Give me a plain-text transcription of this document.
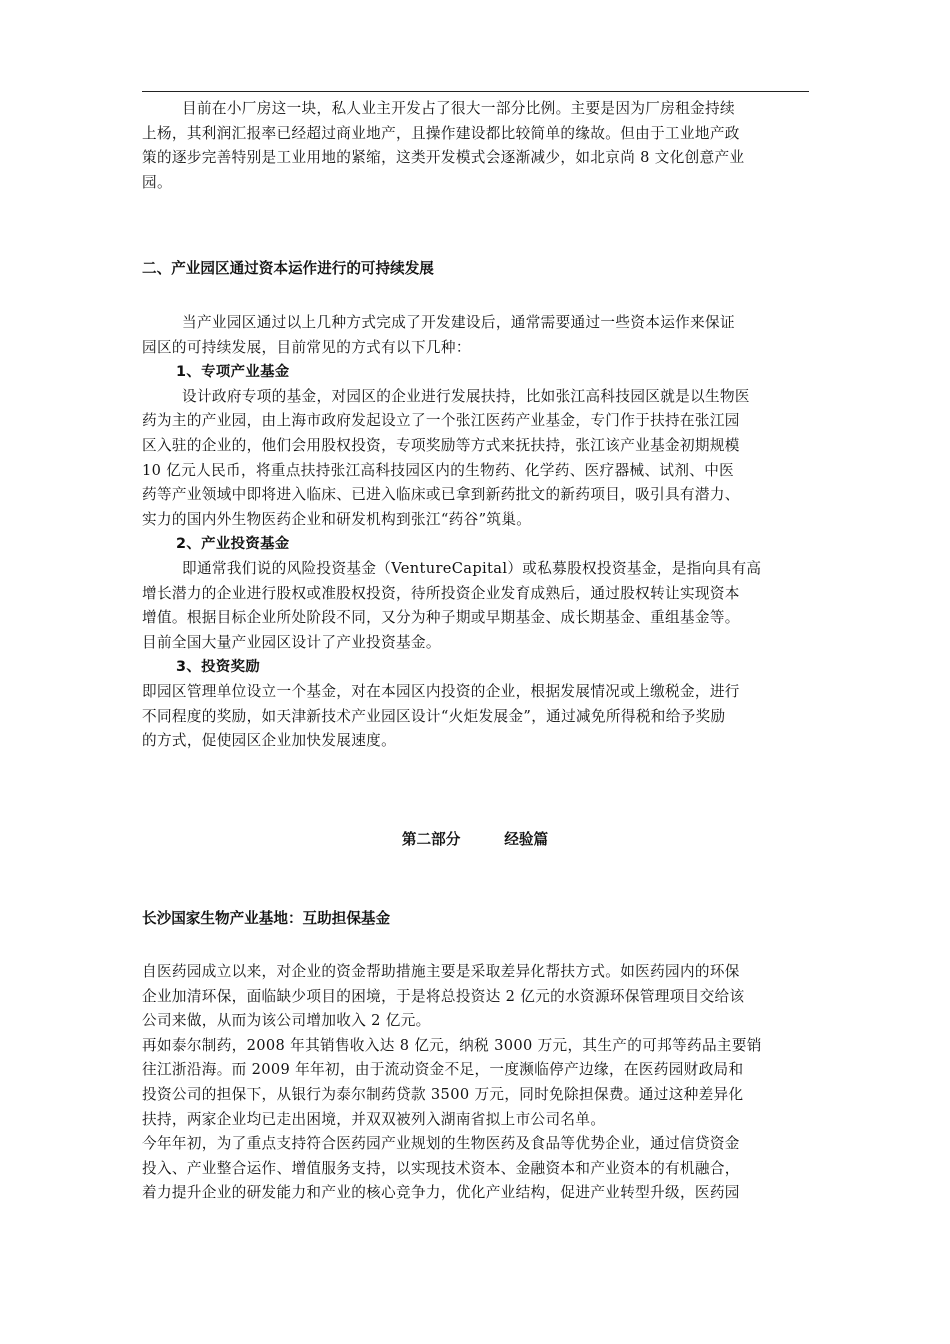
目前在小厂房这一块，私人业主开发占了很大一部分比例。主要是因为厂房租金持续
上杨，其利润汇报率已经超过商业地产，且操作建设都比较简单的缘故。但由于工业地产政
策的逐步完善特别是工业用地的紧缩，这类开发模式会逐渐减少，如北京尚 8 文化创意产业
园。
二、产业园区通过资本运作进行的可持续发展
当产业园区通过以上几种方式完成了开发建设后，通常需要通过一些资本运作来保证
园区的可持续发展，目前常见的方式有以下几种：
1、专项产业基金
设计政府专项的基金，对园区的企业进行发展扶持，比如张江高科技园区就是以生物医
药为主的产业园，由上海市政府发起设立了一个张江医药产业基金，专门作于扶持在张江园
区入驻的企业的，他们会用股权投资，专项奖励等方式来抚扶持，张江该产业基金初期规模
10 亿元人民币，将重点扶持张江高科技园区内的生物药、化学药、医疗器械、试剂、中医
药等产业领域中即将进入临床、已进入临床或已拿到新药批文的新药项目，吸引具有潜力、
实力的国内外生物医药企业和研发机构到张江“药谷”筑巢。
2、产业投资基金
即通常我们说的风险投资基金（VentureCapital）或私募股权投资基金，是指向具有高
增长潜力的企业进行股权或准股权投资，待所投资企业发育成熟后，通过股权转让实现资本
增值。根据目标企业所处阶段不同，又分为种子期或早期基金、成长期基金、重组基金等。
目前全国大量产业园区设计了产业投资基金。
3、投资奖励
即园区管理单位设立一个基金，对在本园区内投资的企业，根据发展情况或上缴税金，进行
不同程度的奖励，如天津新技术产业园区设计“火炬发展金”，通过减免所得税和给予奖励
的方式，促使园区企业加快发展速度。
第二部分	经验篇
长沙国家生物产业基地：互助担保基金
自医药园成立以来，对企业的资金帮助措施主要是采取差异化帮扶方式。如医药园内的环保
企业加清环保，面临缺少项目的困境，于是将总投资达 2 亿元的水资源环保管理项目交给该
公司来做，从而为该公司增加收入 2 亿元。
再如泰尔制药，2008 年其销售收入达 8 亿元，纳税 3000 万元，其生产的可邦等药品主要销
往江浙沿海。而 2009 年年初，由于流动资金不足，一度濒临停产边缘，在医药园财政局和
投资公司的担保下，从银行为泰尔制药贷款 3500 万元，同时免除担保费。通过这种差异化
扶持，两家企业均已走出困境，并双双被列入湖南省拟上市公司名单。
今年年初，为了重点支持符合医药园产业规划的生物医药及食品等优势企业，通过信贷资金
投入、产业整合运作、增值服务支持，以实现技术资本、金融资本和产业资本的有机融合，
着力提升企业的研发能力和产业的核心竞争力，优化产业结构，促进产业转型升级，医药园
